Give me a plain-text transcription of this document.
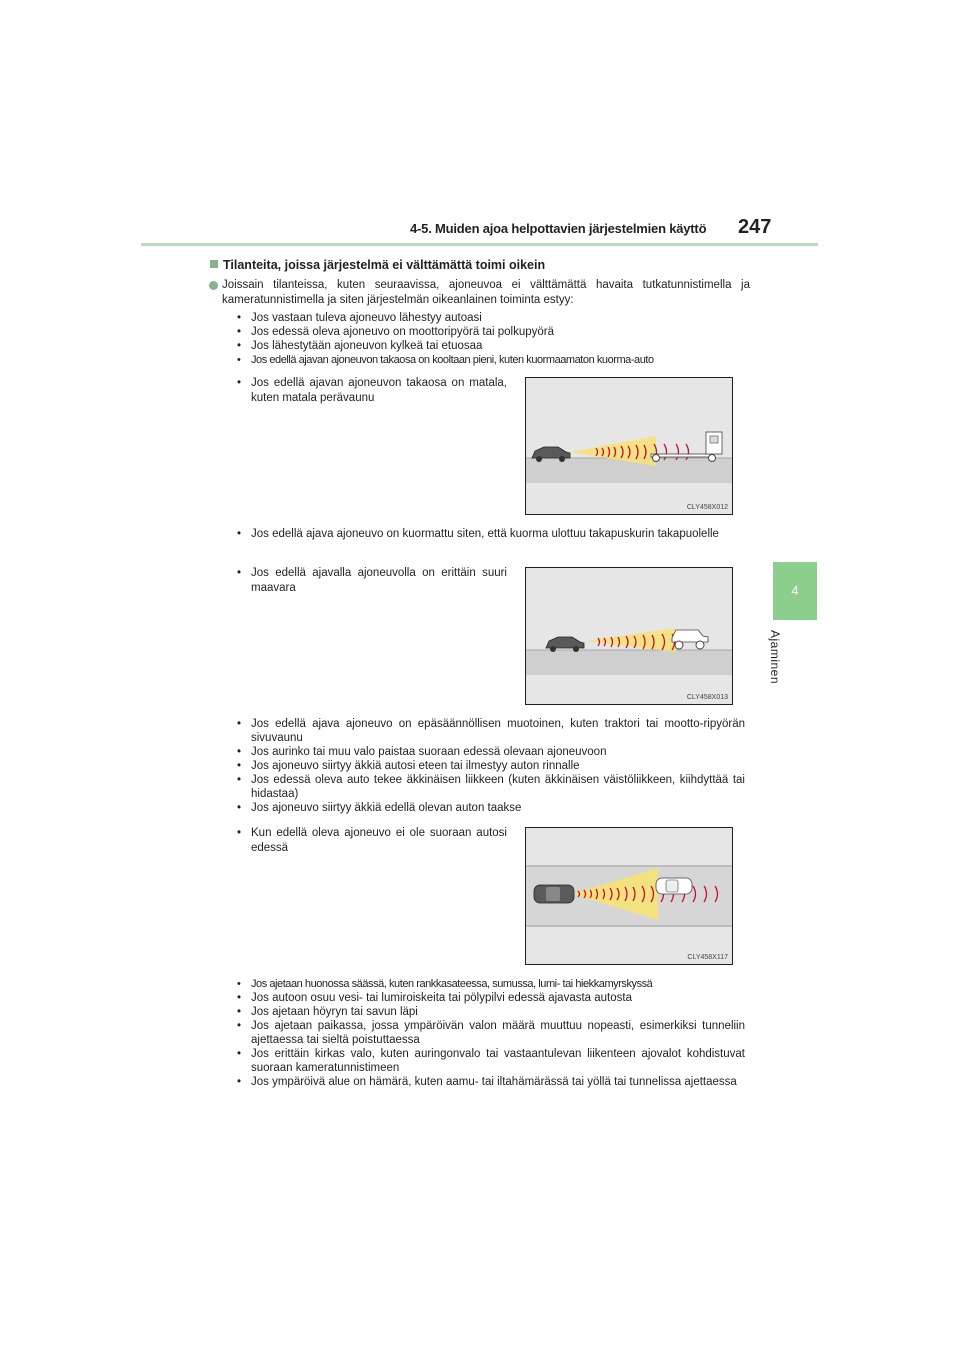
4-5. Muiden ajoa helpottavien järjestelmien käyttö 247
4
Ajaminen
Tilanteita, joissa järjestelmä ei välttämättä toimi oikein
Joissain tilanteissa, kuten seuraavissa, ajoneuvoa ei välttämättä havaita tutkatunnistimella ja kameratunnistimella ja siten järjestelmän oikeanlainen toiminta estyy:
• Jos vastaan tuleva ajoneuvo lähestyy autoasi
• Jos edessä oleva ajoneuvo on moottoripyörä tai polkupyörä
• Jos lähestytään ajoneuvon kylkeä tai etuosaa
• Jos edellä ajavan ajoneuvon takaosa on kooltaan pieni, kuten kuormaamaton kuorma-auto
• Jos edellä ajavan ajoneuvon takaosa on matala, kuten matala perävaunu
CLY458X012
• Jos edellä ajava ajoneuvo on kuormattu siten, että kuorma ulottuu takapuskurin takapuolelle
• Jos edellä ajavalla ajoneuvolla on erittäin suuri maavara
CLY458X013
• Jos edellä ajava ajoneuvo on epäsäännöllisen muotoinen, kuten traktori tai mootto-ripyörän sivuvaunu
• Jos aurinko tai muu valo paistaa suoraan edessä olevaan ajoneuvoon
• Jos ajoneuvo siirtyy äkkiä autosi eteen tai ilmestyy auton rinnalle
• Jos edessä oleva auto tekee äkkinäisen liikkeen (kuten äkkinäisen väistöliikkeen, kiihdyttää tai hidastaa)
• Jos ajoneuvo siirtyy äkkiä edellä olevan auton taakse
• Kun edellä oleva ajoneuvo ei ole suoraan autosi edessä
CLY458X117
• Jos ajetaan huonossa säässä, kuten rankkasateessa, sumussa, lumi- tai hiekkamyrskyssä
• Jos autoon osuu vesi- tai lumiroiskeita tai pölypilvi edessä ajavasta autosta
• Jos ajetaan höyryn tai savun läpi
• Jos ajetaan paikassa, jossa ympäröivän valon määrä muuttuu nopeasti, esimerkiksi tunneliin ajettaessa tai sieltä poistuttaessa
• Jos erittäin kirkas valo, kuten auringonvalo tai vastaantulevan liikenteen ajovalot kohdistuvat suoraan kameratunnistimeen
• Jos ympäröivä alue on hämärä, kuten aamu- tai iltahämärässä tai yöllä tai tunnelissa ajettaessa
